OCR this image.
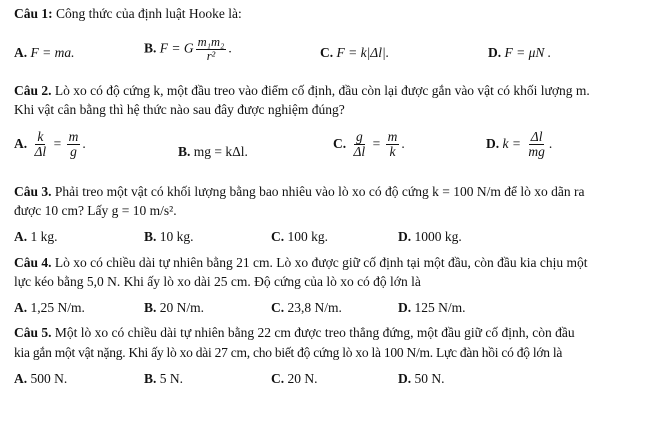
Câu 1: Công thức của định luật Hooke là:
A. F = ma.	B. F = G $\frac{\text{m₁m₂}}{\text{r²}}$ .	C. F = k|Δl|.	D. F = μN .
Câu 2. Lò xo có độ cứng k, một đầu treo vào điểm cố định, đầu còn lại được gắn vào vật có khối lượng m.
Khi vật cân bằng thì hệ thức nào sau đây được nghiệm đúng?
A. $\frac{k}{\Delta l} = \frac{m}{g}$ .
B. mg = kΔl.
C. $\frac{g}{\Delta l} = \frac{m}{k}$ .	D. $k = \frac{\Delta l}{mg}$ .
Câu 3. Phải treo một vật có khối lượng bằng bao nhiêu vào lò xo có độ cứng k = 100 N/m để lò xo dãn ra
được 10 cm? Lấy g = 10 m/s².
A. 1 kg.	B. 10 kg.	C. 100 kg.	D. 1000 kg.
Câu 4. Lò xo có chiều dài tự nhiên bằng 21 cm. Lò xo được giữ cố định tại một đầu, còn đầu kia chịu một
lực kéo bằng 5,0 N. Khi ấy lò xo dài 25 cm. Độ cứng của lò xo có độ lớn là
A. 1,25 N/m.	B. 20 N/m.	C. 23,8 N/m.	D. 125 N/m.
Câu 5. Một lò xo có chiều dài tự nhiên bằng 22 cm được treo thẳng đứng, một đầu giữ cố định, còn đầu
kia gắn một vật nặng. Khi ấy lò xo dài 27 cm, cho biết độ cứng lò xo là 100 N/m. Lực đàn hồi có độ lớn là
A. 500 N.	B. 5 N.	C. 20 N.	D. 50 N.
